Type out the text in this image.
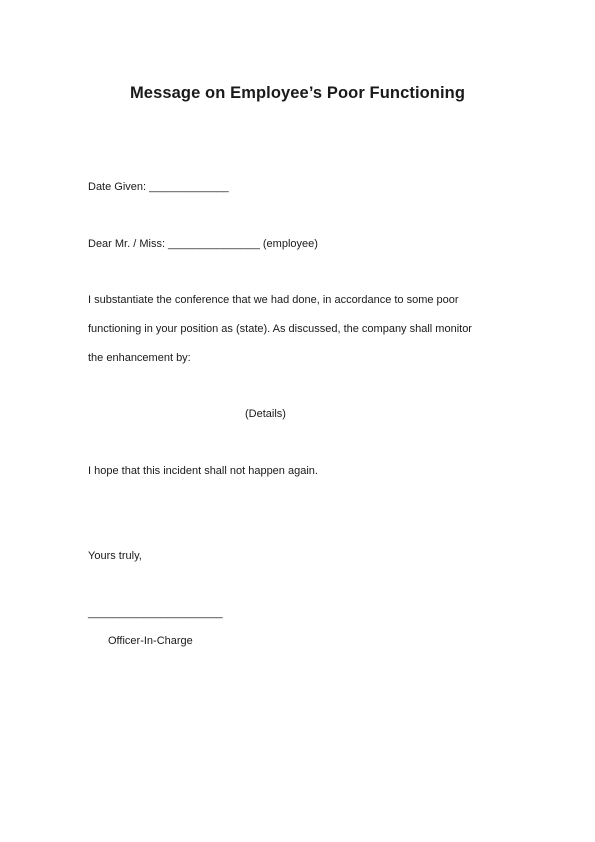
Message on Employee’s Poor Functioning
Date Given: _____________
Dear Mr. / Miss: _______________ (employee)
I substantiate the conference that we had done, in accordance to some poor
functioning in your position as (state). As discussed, the company shall monitor
the enhancement by:
(Details)
I hope that this incident shall not happen again.
Yours truly,
______________________
Officer-In-Charge
